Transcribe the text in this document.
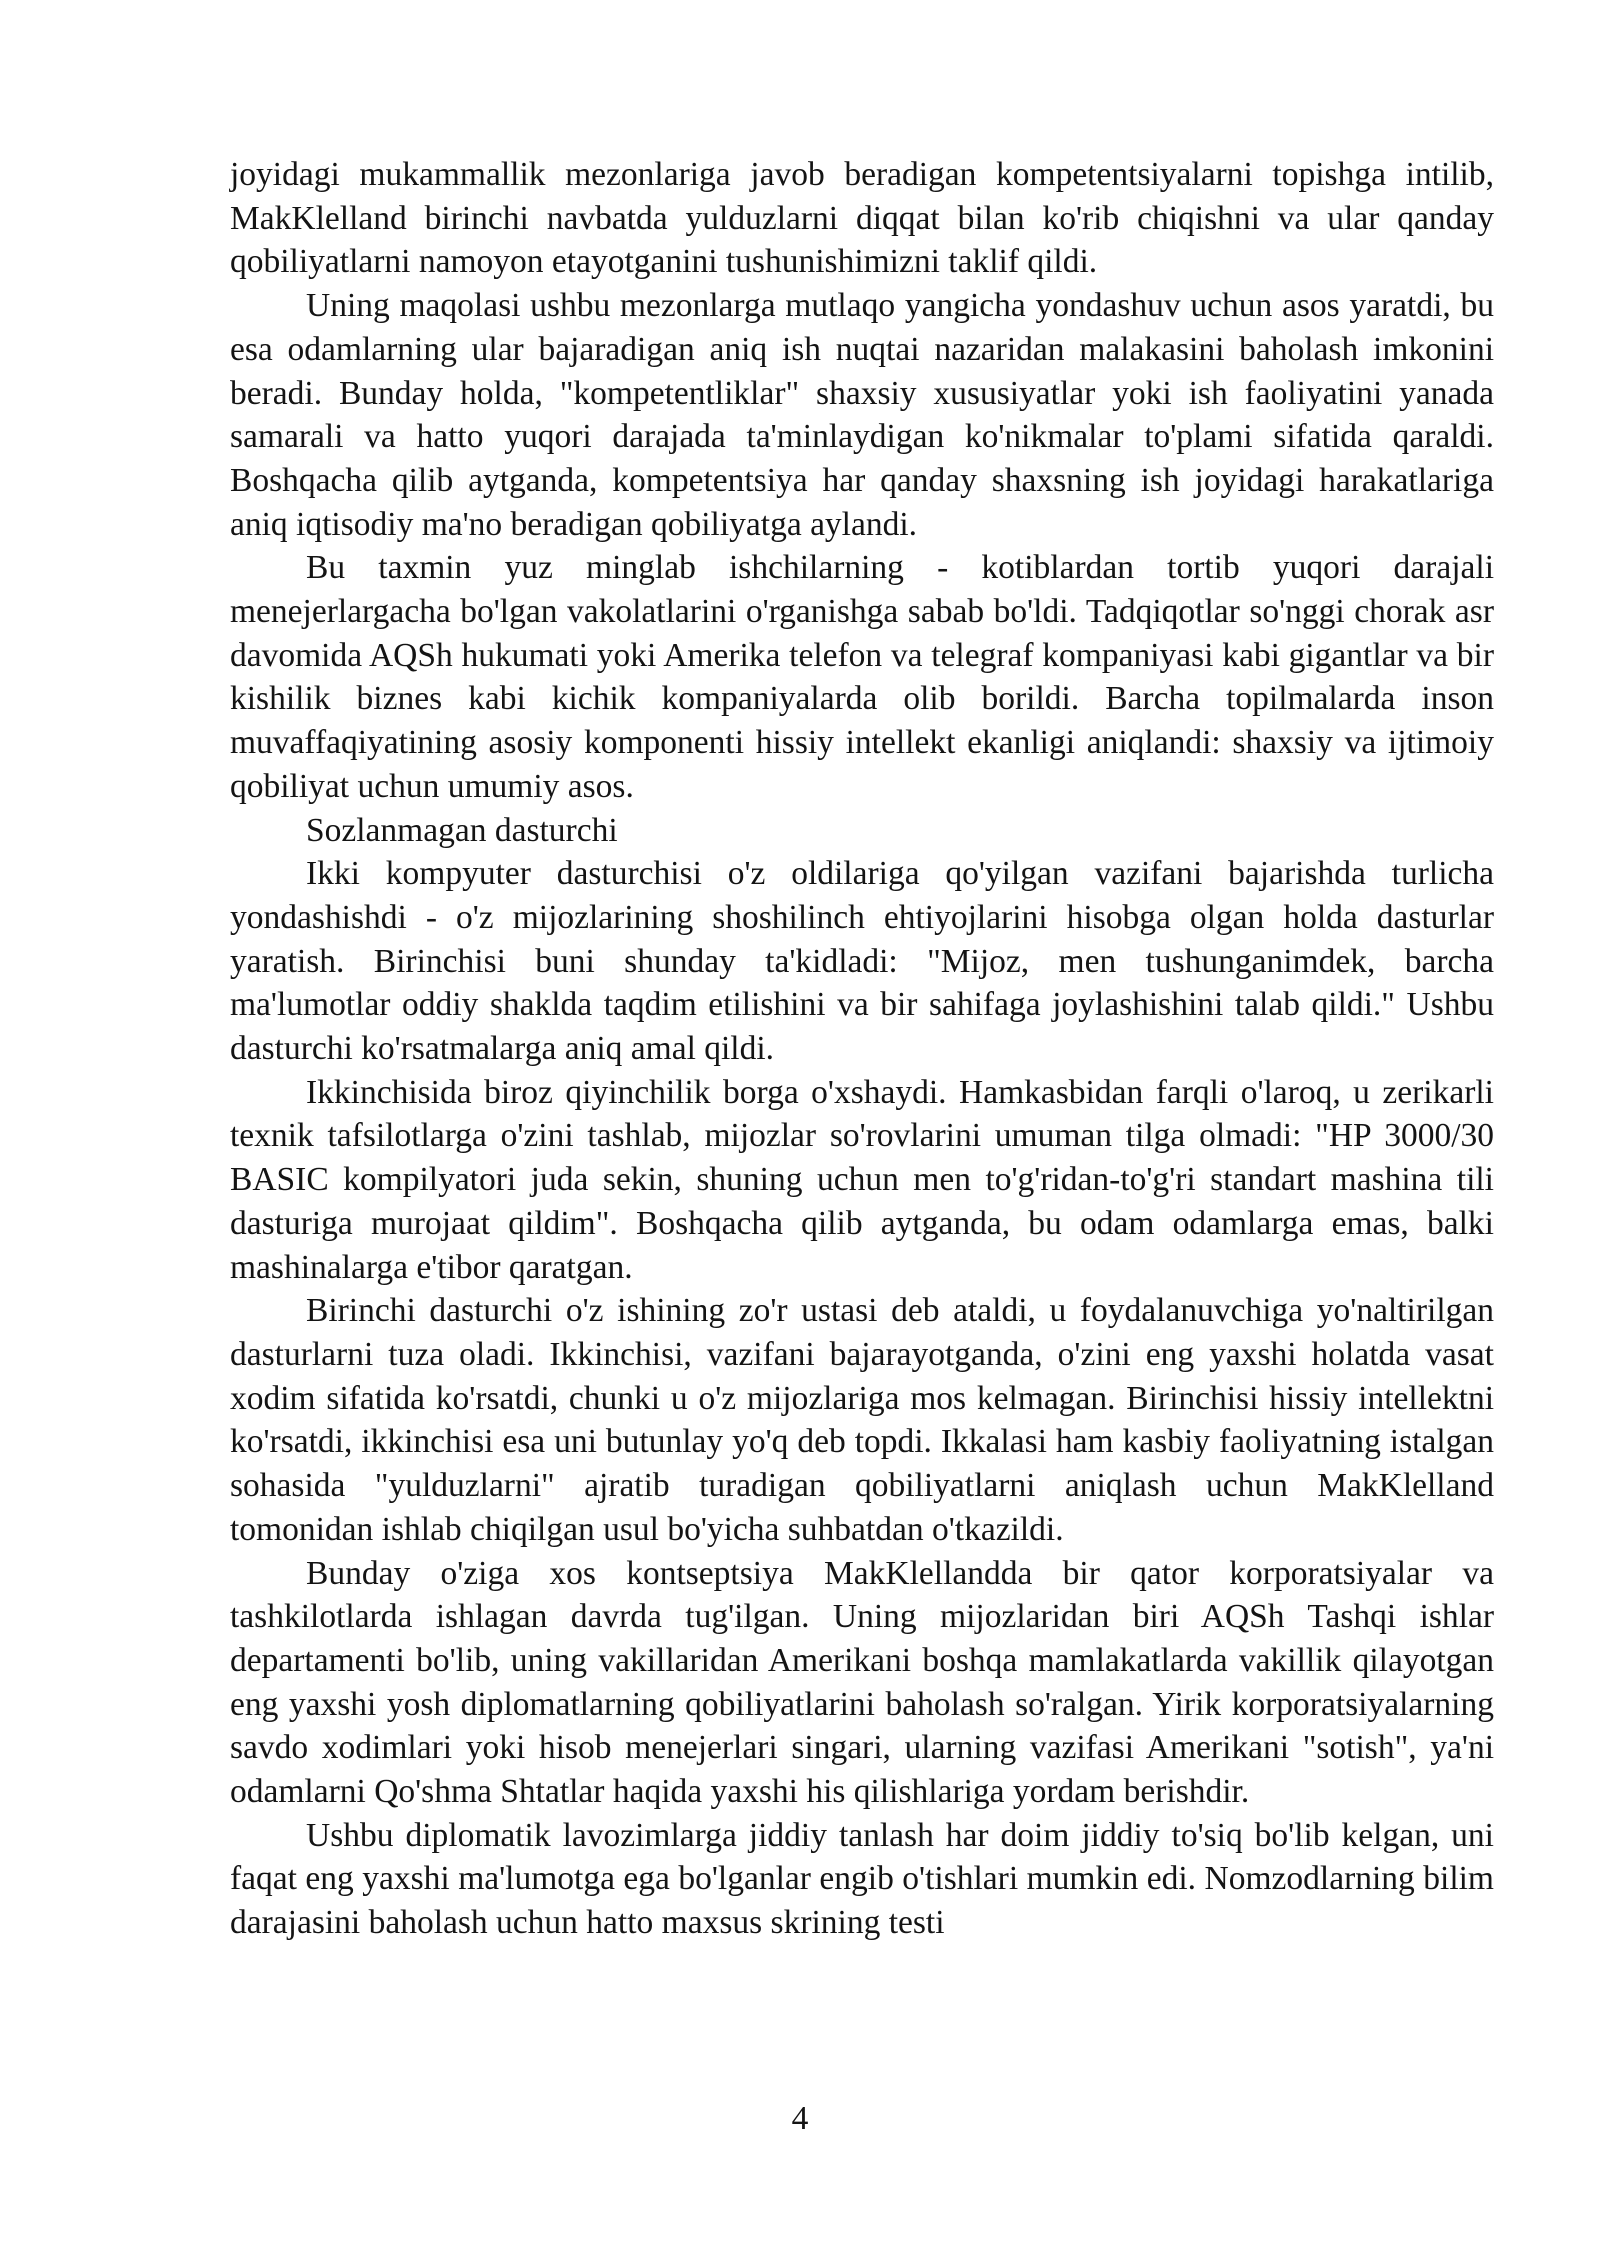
joyidagi mukammallik mezonlariga javob beradigan kompetentsiyalarni topishga intilib, MakKlelland birinchi navbatda yulduzlarni diqqat bilan ko'rib chiqishni va ular qanday qobiliyatlarni namoyon etayotganini tushunishimizni taklif qildi.

Uning maqolasi ushbu mezonlarga mutlaqo yangicha yondashuv uchun asos yaratdi, bu esa odamlarning ular bajaradigan aniq ish nuqtai nazaridan malakasini baholash imkonini beradi. Bunday holda, "kompetentliklar" shaxsiy xususiyatlar yoki ish faoliyatini yanada samarali va hatto yuqori darajada ta'minlaydigan ko'nikmalar to'plami sifatida qaraldi. Boshqacha qilib aytganda, kompetentsiya har qanday shaxsning ish joyidagi harakatlariga aniq iqtisodiy ma'no beradigan qobiliyatga aylandi.

Bu taxmin yuz minglab ishchilarning - kotiblardan tortib yuqori darajali menejerlargacha bo'lgan vakolatlarini o'rganishga sabab bo'ldi. Tadqiqotlar so'nggi chorak asr davomida AQSh hukumati yoki Amerika telefon va telegraf kompaniyasi kabi gigantlar va bir kishilik biznes kabi kichik kompaniyalarda olib borildi. Barcha topilmalarda inson muvaffaqiyatining asosiy komponenti hissiy intellekt ekanligi aniqlandi: shaxsiy va ijtimoiy qobiliyat uchun umumiy asos.

Sozlanmagan dasturchi

Ikki kompyuter dasturchisi o'z oldilariga qo'yilgan vazifani bajarishda turlicha yondashishdi - o'z mijozlarining shoshilinch ehtiyojlarini hisobga olgan holda dasturlar yaratish. Birinchisi buni shunday ta'kidladi: "Mijoz, men tushunganimdek, barcha ma'lumotlar oddiy shaklda taqdim etilishini va bir sahifaga joylashishini talab qildi." Ushbu dasturchi ko'rsatmalarga aniq amal qildi.

Ikkinchisida biroz qiyinchilik borga o'xshaydi. Hamkasbidan farqli o'laroq, u zerikarli texnik tafsilotlarga o'zini tashlab, mijozlar so'rovlarini umuman tilga olmadi: "HP 3000/30 BASIC kompilyatori juda sekin, shuning uchun men to'g'ridan-to'g'ri standart mashina tili dasturiga murojaat qildim". Boshqacha qilib aytganda, bu odam odamlarga emas, balki mashinalarga e'tibor qaratgan.

Birinchi dasturchi o'z ishining zo'r ustasi deb ataldi, u foydalanuvchiga yo'naltirilgan dasturlarni tuza oladi. Ikkinchisi, vazifani bajarayotganda, o'zini eng yaxshi holatda vasat xodim sifatida ko'rsatdi, chunki u o'z mijozlariga mos kelmagan. Birinchisi hissiy intellektni ko'rsatdi, ikkinchisi esa uni butunlay yo'q deb topdi. Ikkalasi ham kasbiy faoliyatning istalgan sohasida "yulduzlarni" ajratib turadigan qobiliyatlarni aniqlash uchun MakKlelland tomonidan ishlab chiqilgan usul bo'yicha suhbatdan o'tkazildi.

Bunday o'ziga xos kontseptsiya MakKlellandda bir qator korporatsiyalar va tashkilotlarda ishlagan davrda tug'ilgan. Uning mijozlaridan biri AQSh Tashqi ishlar departamenti bo'lib, uning vakillaridan Amerikani boshqa mamlakatlarda vakillik qilayotgan eng yaxshi yosh diplomatlarning qobiliyatlarini baholash so'ralgan. Yirik korporatsiyalarning savdo xodimlari yoki hisob menejerlari singari, ularning vazifasi Amerikani "sotish", ya'ni odamlarni Qo'shma Shtatlar haqida yaxshi his qilishlariga yordam berishdir.

Ushbu diplomatik lavozimlarga jiddiy tanlash har doim jiddiy to'siq bo'lib kelgan, uni faqat eng yaxshi ma'lumotga ega bo'lganlar engib o'tishlari mumkin edi. Nomzodlarning bilim darajasini baholash uchun hatto maxsus skrining testi

4
